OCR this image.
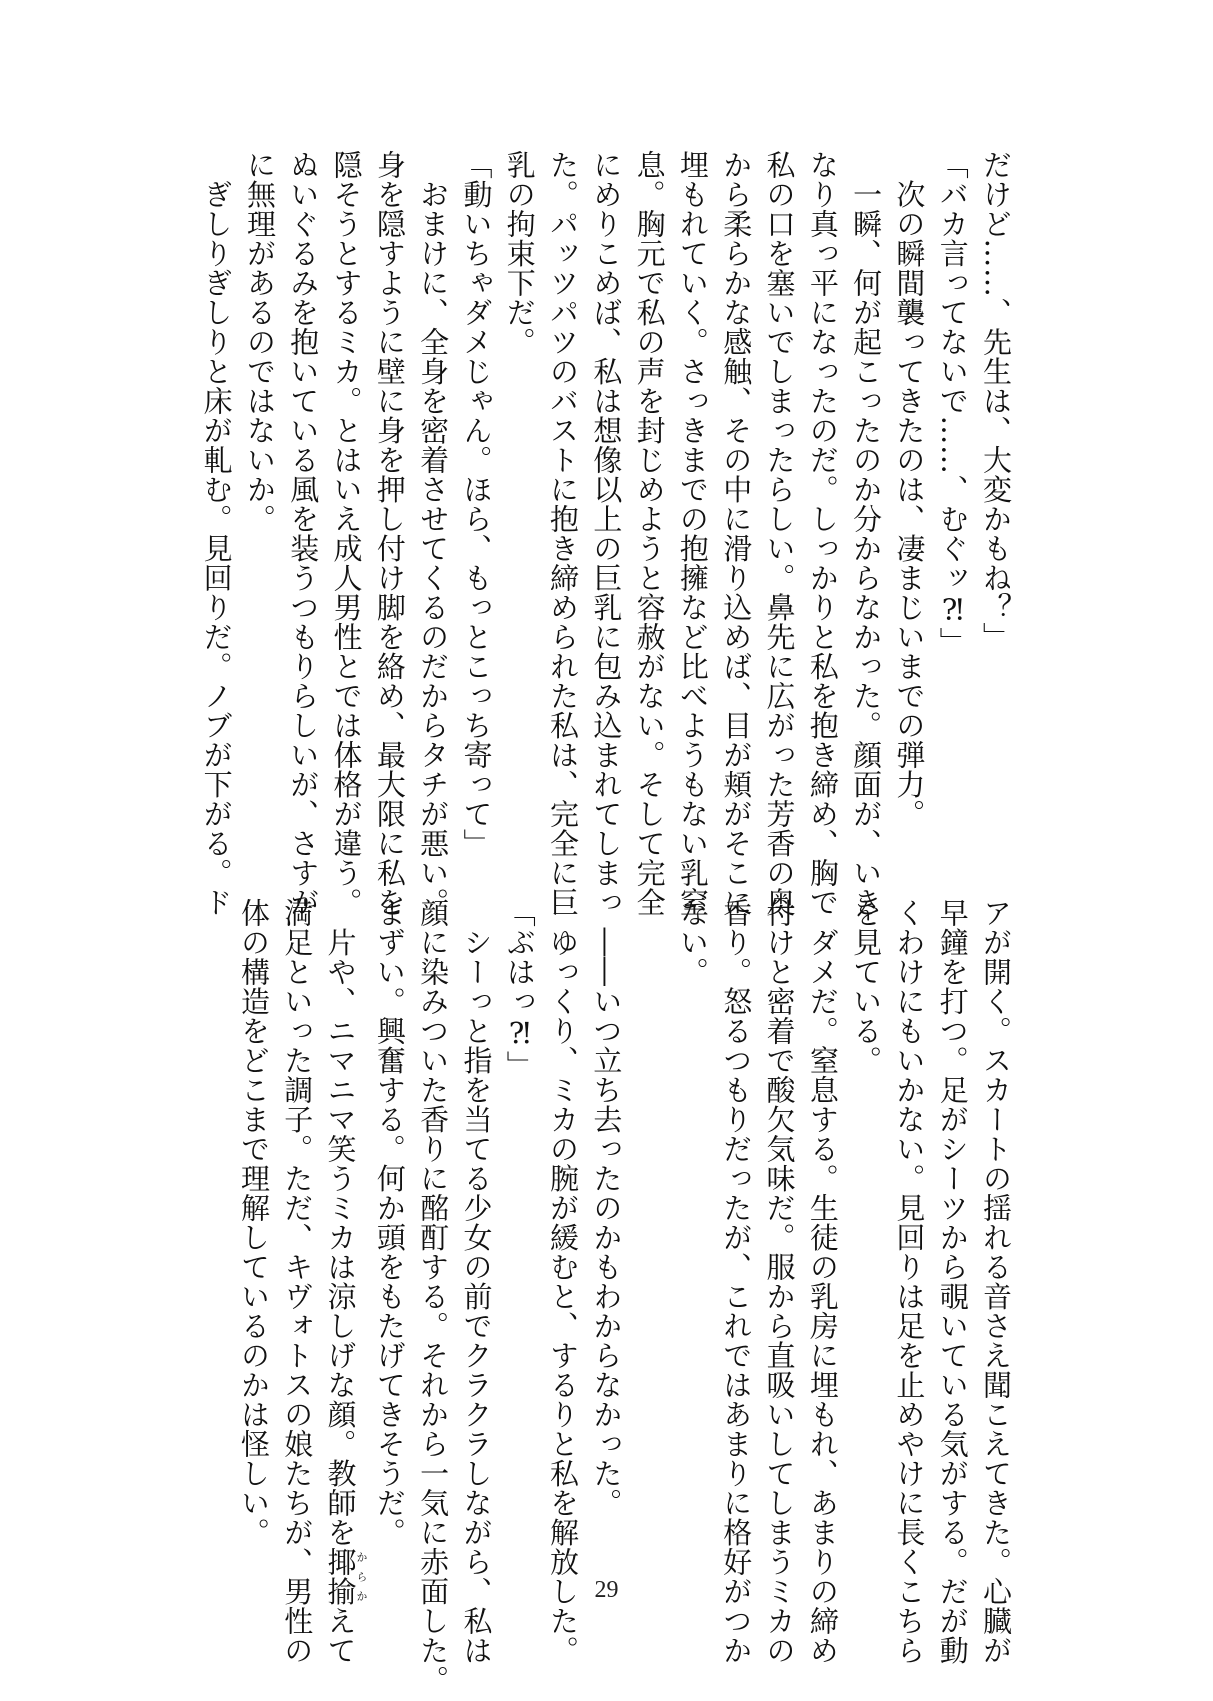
だけど……、先生は、大変かもね？」
「バカ言ってないで……、むぐッ⁈」
　次の瞬間襲ってきたのは、凄まじいまでの弾力。
　一瞬、何が起こったのか分からなかった。顔面が、いき
なり真っ平になったのだ。しっかりと私を抱き締め、胸で
私の口を塞いでしまったらしい。鼻先に広がった芳香の奥
から柔らかな感触、その中に滑り込めば、目が頬がそこに
埋もれていく。さっきまでの抱擁など比べようもない乳窒
息。胸元で私の声を封じめようと容赦がない。そして完全
にめりこめば、私は想像以上の巨乳に包み込まれてしまっ
た。パッツパツのバストに抱き締められた私は、完全に巨
乳の拘束下だ。
「動いちゃダメじゃん。ほら、もっとこっち寄って」
　おまけに、全身を密着させてくるのだからタチが悪い。
身を隠すように壁に身を押し付け脚を絡め、最大限に私を
隠そうとするミカ。とはいえ成人男性とでは体格が違う。
ぬいぐるみを抱いている風を装うつもりらしいが、さすが
に無理があるのではないか。
　ぎしりぎしりと床が軋む。見回りだ。ノブが下がる。ド
アが開く。スカートの揺れる音さえ聞こえてきた。心臓が
早鐘を打つ。足がシーツから覗いている気がする。だが動
くわけにもいかない。見回りは足を止めやけに長くこちら
を見ている。
　ダメだ。窒息する。生徒の乳房に埋もれ、あまりの締め
付けと密着で酸欠気味だ。服から直吸いしてしまうミカの
香り。怒るつもりだったが、これではあまりに格好がつか
ない。
　――いつ立ち去ったのかもわからなかった。
　ゆっくり、ミカの腕が緩むと、するりと私を解放した。
「ぶはっ⁈」
　シーっと指を当てる少女の前でクラクラしながら、私は
顔に染みついた香りに酩酊する。それから一気に赤面した。
まずい。興奮する。何か頭をもたげてきそうだ。
　片や、ニマニマ笑うミカは涼しげな顔。教師を揶揄からかえて
満足といった調子。ただ、キヴォトスの娘たちが、男性の
体の構造をどこまで理解しているのかは怪しい。
29
